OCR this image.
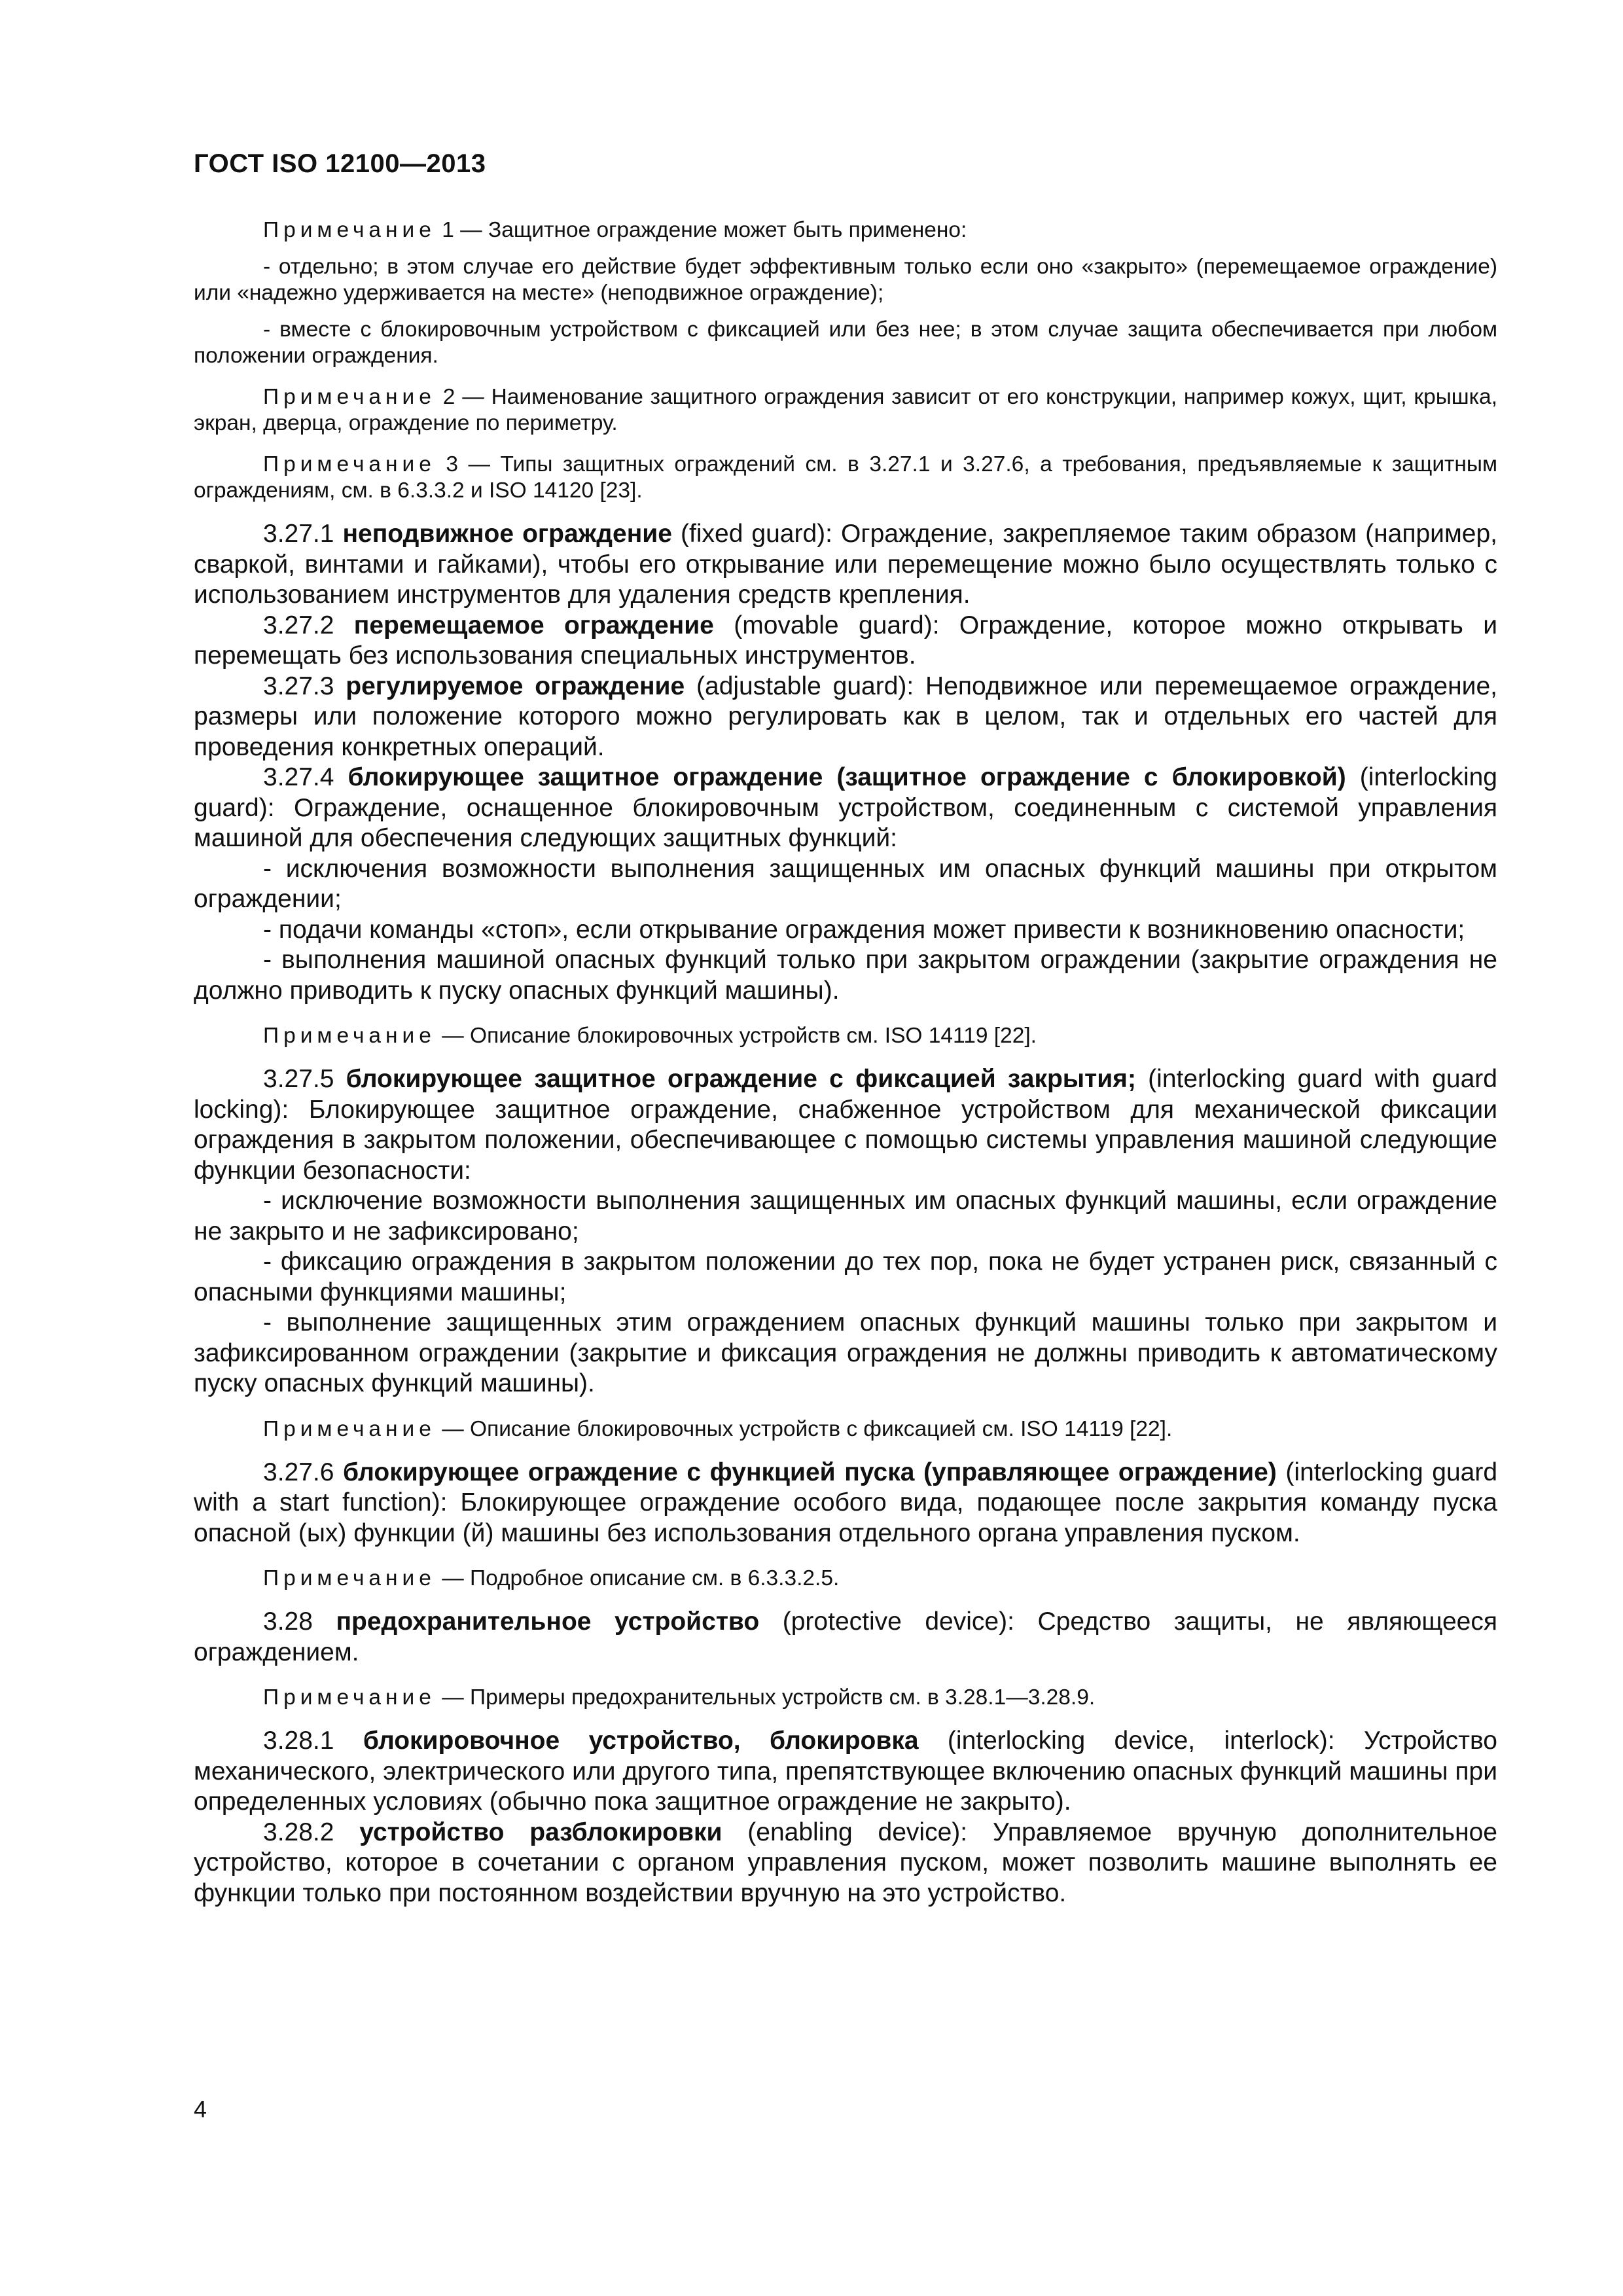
ГОСТ ISO 12100—2013

Примечание 1 — Защитное ограждение может быть применено:

- отдельно; в этом случае его действие будет эффективным только если оно «закрыто» (перемещаемое ограждение) или «надежно удерживается на месте» (неподвижное ограждение);

- вместе с блокировочным устройством с фиксацией или без нее; в этом случае защита обеспечивается при любом положении ограждения.

Примечание 2 — Наименование защитного ограждения зависит от его конструкции, например кожух, щит, крышка, экран, дверца, ограждение по периметру.

Примечание 3 — Типы защитных ограждений см. в 3.27.1 и 3.27.6, а требования, предъявляемые к защитным ограждениям, см. в 6.3.3.2 и ISO 14120 [23].

3.27.1 неподвижное ограждение (fixed guard): Ограждение, закрепляемое таким образом (например, сваркой, винтами и гайками), чтобы его открывание или перемещение можно было осуществлять только с использованием инструментов для удаления средств крепления.

3.27.2 перемещаемое ограждение (movable guard): Ограждение, которое можно открывать и перемещать без использования специальных инструментов.

3.27.3 регулируемое ограждение (adjustable guard): Неподвижное или перемещаемое ограждение, размеры или положение которого можно регулировать как в целом, так и отдельных его частей для проведения конкретных операций.

3.27.4 блокирующее защитное ограждение (защитное ограждение с блокировкой) (interlocking guard): Ограждение, оснащенное блокировочным устройством, соединенным с системой управления машиной для обеспечения следующих защитных функций:

- исключения возможности выполнения защищенных им опасных функций машины при открытом ограждении;

- подачи команды «стоп», если открывание ограждения может привести к возникновению опасности;

- выполнения машиной опасных функций только при закрытом ограждении (закрытие ограждения не должно приводить к пуску опасных функций машины).

Примечание — Описание блокировочных устройств см. ISO 14119 [22].

3.27.5 блокирующее защитное ограждение с фиксацией закрытия; (interlocking guard with guard locking): Блокирующее защитное ограждение, снабженное устройством для механической фиксации ограждения в закрытом положении, обеспечивающее с помощью системы управления машиной следующие функции безопасности:

- исключение возможности выполнения защищенных им опасных функций машины, если ограждение не закрыто и не зафиксировано;

- фиксацию ограждения в закрытом положении до тех пор, пока не будет устранен риск, связанный с опасными функциями машины;

- выполнение защищенных этим ограждением опасных функций машины только при закрытом и зафиксированном ограждении (закрытие и фиксация ограждения не должны приводить к автоматическому пуску опасных функций машины).

Примечание — Описание блокировочных устройств с фиксацией см. ISO 14119 [22].

3.27.6 блокирующее ограждение с функцией пуска (управляющее ограждение) (interlocking guard with a start function): Блокирующее ограждение особого вида, подающее после закрытия команду пуска опасной (ых) функции (й) машины без использования отдельного органа управления пуском.

Примечание — Подробное описание см. в 6.3.3.2.5.

3.28 предохранительное устройство (protective device): Средство защиты, не являющееся ограждением.

Примечание — Примеры предохранительных устройств см. в 3.28.1—3.28.9.

3.28.1 блокировочное устройство, блокировка (interlocking device, interlock): Устройство механического, электрического или другого типа, препятствующее включению опасных функций машины при определенных условиях (обычно пока защитное ограждение не закрыто).

3.28.2 устройство разблокировки (enabling device): Управляемое вручную дополнительное устройство, которое в сочетании с органом управления пуском, может позволить машине выполнять ее функции только при постоянном воздействии вручную на это устройство.

4
